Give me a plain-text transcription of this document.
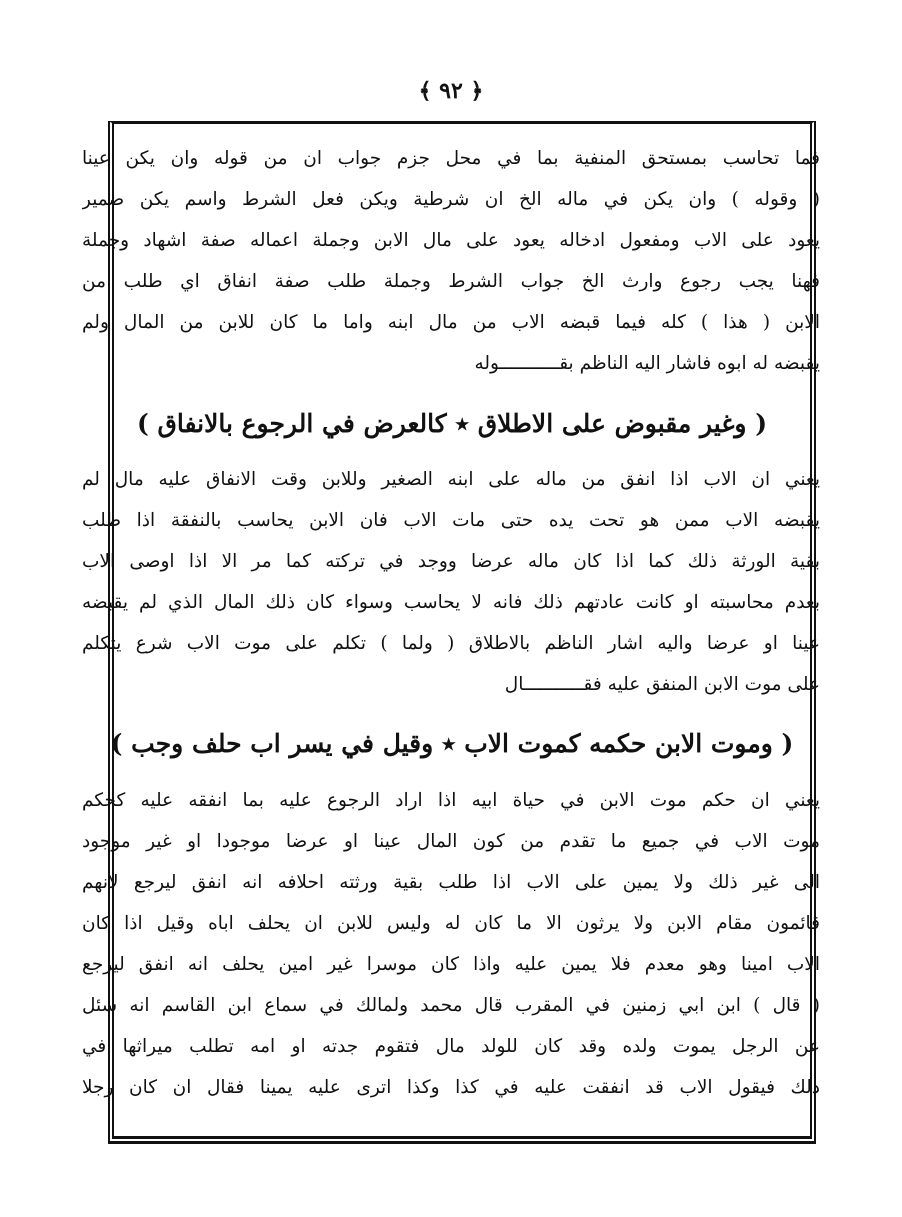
﴿ ٩٢ ﴾
فما تحاسب بمستحق المنفية بما في محل جزم جواب ان من قوله وان يكن عينا
( وقوله ) وان يكن في ماله الخ ان شرطية ويكن فعل الشرط واسم يكن ضمير
يعود على الاب ومفعول ادخاله يعود على مال الابن وجملة اعماله صفة اشهاد وجملة
فهنا يجب رجوع وارث الخ جواب الشرط وجملة طلب صفة انفاق اي طلب من
الابن ( هذا ) كله فيما قبضه الاب من مال ابنه واما ما كان للابن من المال ولم
يقبضه له ابوه فاشار اليه الناظم بقـــــــــــوله
( وغير مقبوض على الاطلاق ٭ كالعرض في الرجوع بالانفاق )
يعني ان الاب اذا انفق من ماله على ابنه الصغير وللابن وقت الانفاق عليه مال لم
يقبضه الاب ممن هو تحت يده حتى مات الاب فان الابن يحاسب بالنفقة اذا طلب
بقية الورثة ذلك كما اذا كان ماله عرضا ووجد في تركته كما مر الا اذا اوصى الاب
بعدم محاسبته او كانت عادتهم ذلك فانه لا يحاسب وسواء كان ذلك المال الذي لم يقبضه
عينا او عرضا واليه اشار الناظم بالاطلاق ( ولما ) تكلم على موت الاب شرع يتكلم
على موت الابن المنفق عليه فقـــــــــــال
( وموت الابن حكمه كموت الاب ٭ وقيل في يسر اب حلف وجب )
يعني ان حكم موت الابن في حياة ابيه اذا اراد الرجوع عليه بما انفقه عليه كحكم
موت الاب في جميع ما تقدم من كون المال عينا او عرضا موجودا او غير موجود
الى غير ذلك ولا يمين على الاب اذا طلب بقية ورثته احلافه انه انفق ليرجع لانهم
قائمون مقام الابن ولا يرثون الا ما كان له وليس للابن ان يحلف اباه وقيل اذا كان
الاب امينا وهو معدم فلا يمين عليه واذا كان موسرا غير امين يحلف انه انفق ليرجع
( قال ) ابن ابي زمنين في المقرب قال محمد ولمالك في سماع ابن القاسم انه سئل
عن الرجل يموت ولده وقد كان للولد مال فتقوم جدته او امه تطلب ميراثها في
ذلك فيقول الاب قد انفقت عليه في كذا وكذا اترى عليه يمينا فقال ان كان رجلا
